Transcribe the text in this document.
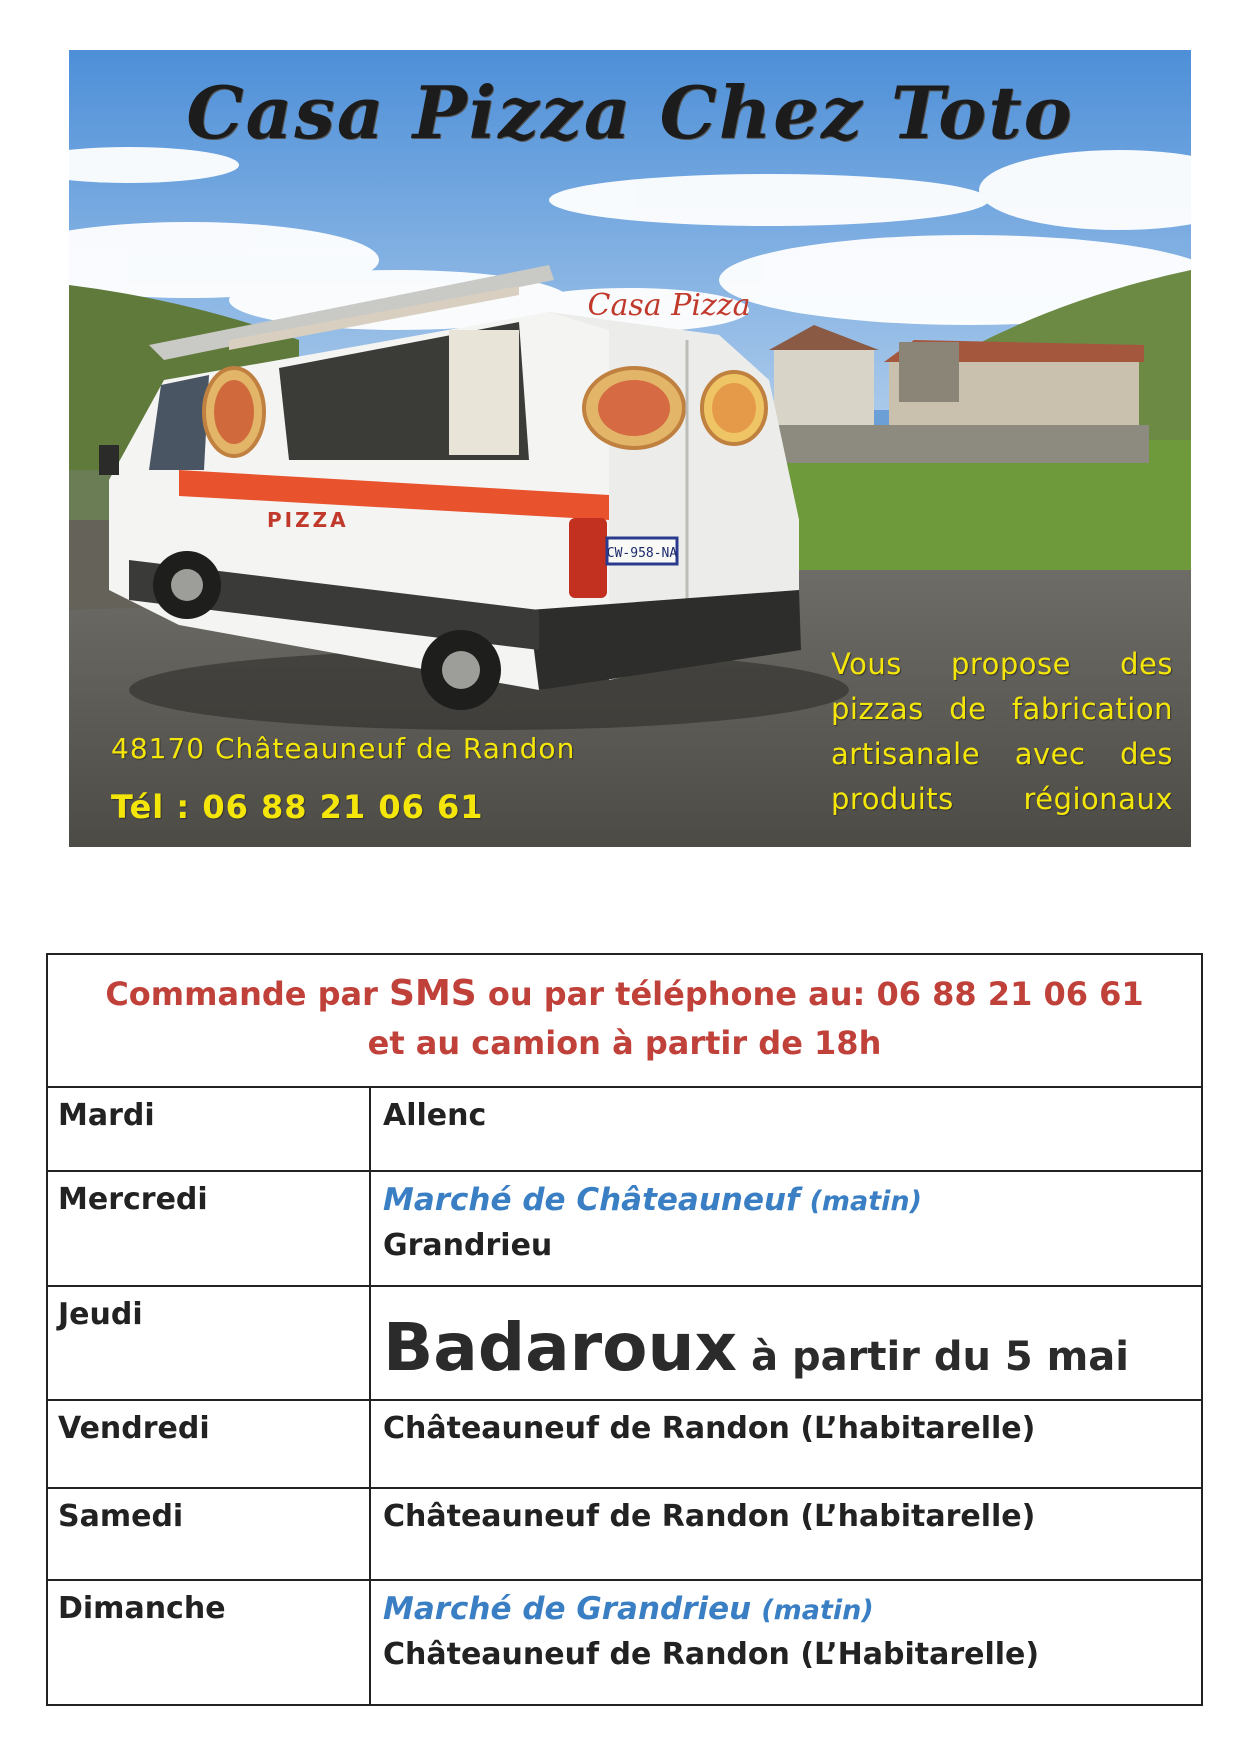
Casa Pizza
PIZZA
CW-958-NA
Casa Pizza Chez Toto
48170 Châteauneuf de Randon
Tél : 06 88 21 06 61
Vous propose des
pizzas de fabrication
artisanale avec des
produits régionaux
Commande par SMS ou par téléphone au: 06 88 21 06 61
et au camion à partir de 18h
Mardi	Allenc

Mercredi	Marché de Châteauneuf (matin)
Grandrieu

Jeudi	Badaroux à partir du 5 mai
Vendredi	Châteauneuf de Randon (L’habitarelle)

Samedi	Châteauneuf de Randon (L’habitarelle)

Dimanche	Marché de Grandrieu (matin)
Châteauneuf de Randon (L’Habitarelle)
